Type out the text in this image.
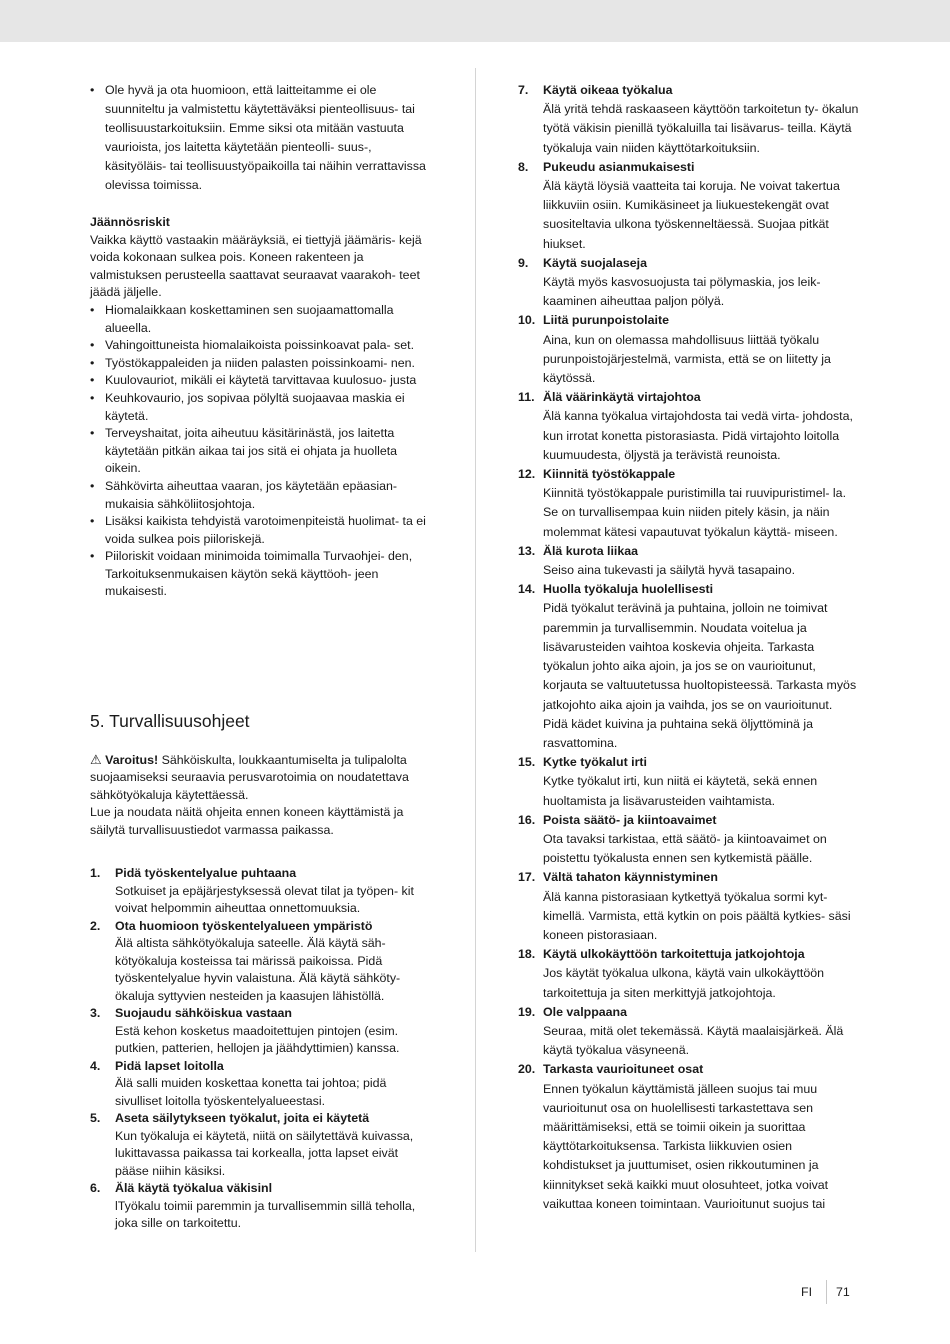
• Ole hyvä ja ota huomioon, että laitteitamme ei ole suunniteltu ja valmistettu käytettäväksi pienteollisuus- tai teollisuustarkoituksiin. Emme siksi ota mitään vastuuta vaurioista, jos laitetta käytetään pienteolli- suus-, käsityöläis- tai teollisuustyöpaikoilla tai näihin verrattavissa olevissa toimissa.
Jäännösriskit
Vaikka käyttö vastaakin määräyksiä, ei tiettyjä jäämäris- kejä voida kokonaan sulkea pois. Koneen rakenteen ja valmistuksen perusteella saattavat seuraavat vaarakoh- teet jäädä jäljelle.
• Hiomalaikkaan koskettaminen sen suojaamattomalla alueella.
• Vahingoittuneista hiomalaikoista poissinkoavat pala- set.
• Työstökappaleiden ja niiden palasten poissinkoami- nen.
• Kuulovauriot, mikäli ei käytetä tarvittavaa kuulosuo- justa
• Keuhkovaurio, jos sopivaa pölyltä suojaavaa maskia ei käytetä.
• Terveyshaitat, joita aiheutuu käsitärinästä, jos laitetta käytetään pitkän aikaa tai jos sitä ei ohjata ja huolleta oikein.
• Sähkövirta aiheuttaa vaaran, jos käytetään epäasian- mukaisia sähköliitosjohtoja.
• Lisäksi kaikista tehdyistä varotoimenpiteistä huolimat- ta ei voida sulkea pois piiloriskejä.
• Piiloriskit voidaan minimoida toimimalla Turvaohjei- den, Tarkoituksenmukaisen käytön sekä käyttöoh- jeen mukaisesti.
5. Turvallisuusohjeet
⚠ Varoitus! Sähköiskulta, loukkaantumiselta ja tulipalolta suojaamiseksi seuraavia perusvarotoimia on noudatettava sähkötyökaluja käytettäessä.
Lue ja noudata näitä ohjeita ennen koneen käyttämistä ja säilytä turvallisuustiedot varmassa paikassa.
1. Pidä työskentelyalue puhtaana
Sotkuiset ja epäjärjestyksessä olevat tilat ja työpen- kit voivat helpommin aiheuttaa onnettomuuksia.
2. Ota huomioon työskentelyalueen ympäristö
Älä altista sähkötyökaluja sateelle. Älä käytä säh- kötyökaluja kosteissa tai märissä paikoissa. Pidä työskentelyalue hyvin valaistuna. Älä käytä sähköty- ökaluja syttyvien nesteiden ja kaasujen lähistöllä.
3. Suojaudu sähköiskua vastaan
Estä kehon kosketus maadoitettujen pintojen (esim. putkien, patterien, hellojen ja jäähdyttimien) kanssa.
4. Pidä lapset loitolla
Älä salli muiden koskettaa konetta tai johtoa; pidä sivulliset loitolla työskentelyalueestasi.
5. Aseta säilytykseen työkalut, joita ei käytetä
Kun työkaluja ei käytetä, niitä on säilytettävä kuivassa, lukittavassa paikassa tai korkealla, jotta lapset eivät pääse niihin käsiksi.
6. Älä käytä työkalua väkisinl
lTyökalu toimii paremmin ja turvallisemmin sillä teholla, joka sille on tarkoitettu.
7. Käytä oikeaa työkalua
Älä yritä tehdä raskaaseen käyttöön tarkoitetun ty- ökalun työtä väkisin pienillä työkaluilla tai lisävarus- teilla. Käytä työkaluja vain niiden käyttötarkoituksiin.
8. Pukeudu asianmukaisesti
Älä käytä löysiä vaatteita tai koruja. Ne voivat takertua liikkuviin osiin. Kumikäsineet ja liukuestekengät ovat suositeltavia ulkona työskenneltäessä. Suojaa pitkät hiukset.
9. Käytä suojalaseja
Käytä myös kasvosuojusta tai pölymaskia, jos leik- kaaminen aiheuttaa paljon pölyä.
10. Liitä purunpoistolaite
Aina, kun on olemassa mahdollisuus liittää työkalu purunpoistojärjestelmä, varmista, että se on liitetty ja käytössä.
11. Älä väärinkäytä virtajohtoa
Älä kanna työkalua virtajohdosta tai vedä virta- johdosta, kun irrotat konetta pistorasiasta. Pidä virtajohto loitolla kuumuudesta, öljystä ja terävistä reunoista.
12. Kiinnitä työstökappale
Kiinnitä työstökappale puristimilla tai ruuvipuristimel- la. Se on turvallisempaa kuin niiden pitely käsin, ja näin molemmat kätesi vapautuvat työkalun käyttä- miseen.
13. Älä kurota liikaa
Seiso aina tukevasti ja säilytä hyvä tasapaino.
14. Huolla työkaluja huolellisesti
Pidä työkalut terävinä ja puhtaina, jolloin ne toimivat paremmin ja turvallisemmin. Noudata voitelua ja lisävarusteiden vaihtoa koskevia ohjeita. Tarkasta työkalun johto aika ajoin, ja jos se on vaurioitunut, korjauta se valtuutetussa huoltopisteessä. Tarkasta myös jatkojohto aika ajoin ja vaihda, jos se on vaurioitunut. Pidä kädet kuivina ja puhtaina sekä öljyttöminä ja rasvattomina.
15. Kytke työkalut irti
Kytke työkalut irti, kun niitä ei käytetä, sekä ennen huoltamista ja lisävarusteiden vaihtamista.
16. Poista säätö- ja kiintoavaimet
Ota tavaksi tarkistaa, että säätö- ja kiintoavaimet on poistettu työkalusta ennen sen kytkemistä päälle.
17. Vältä tahaton käynnistyminen
Älä kanna pistorasiaan kytkettyä työkalua sormi kyt- kimellä. Varmista, että kytkin on pois päältä kytkies- säsi koneen pistorasiaan.
18. Käytä ulkokäyttöön tarkoitettuja jatkojohtoja
Jos käytät työkalua ulkona, käytä vain ulkokäyttöön tarkoitettuja ja siten merkittyjä jatkojohtoja.
19. Ole valppaana
Seuraa, mitä olet tekemässä. Käytä maalaisjärkeä. Älä käytä työkalua väsyneenä.
20. Tarkasta vaurioituneet osat
Ennen työkalun käyttämistä jälleen suojus tai muu vaurioitunut osa on huolellisesti tarkastettava sen määrittämiseksi, että se toimii oikein ja suorittaa käyttötarkoituksensa. Tarkista liikkuvien osien kohdistukset ja juuttumiset, osien rikkoutuminen ja kiinnitykset sekä kaikki muut olosuhteet, jotka voivat vaikuttaa koneen toimintaan. Vaurioitunut suojus tai
FI 71
